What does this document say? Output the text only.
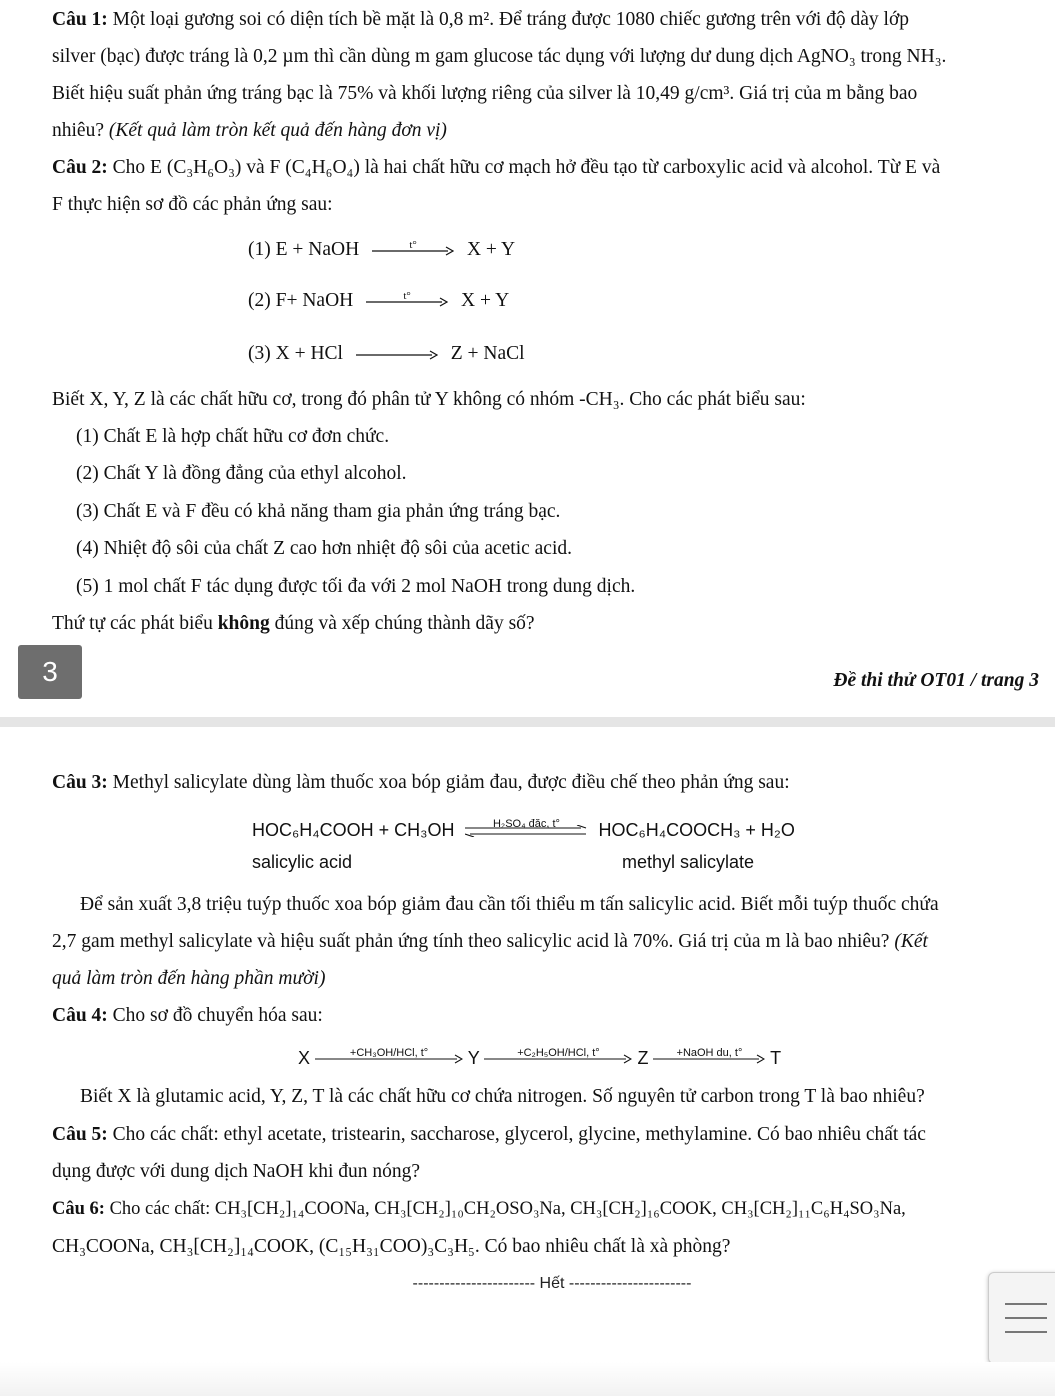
Câu 1: Một loại gương soi có diện tích bề mặt là 0,8 m². Để tráng được 1080 chiếc gương trên với độ dày lớp
silver (bạc) được tráng là 0,2 µm thì cần dùng m gam glucose tác dụng với lượng dư dung dịch AgNO₃ trong NH₃.
Biết hiệu suất phản ứng tráng bạc là 75% và khối lượng riêng của silver là 10,49 g/cm³. Giá trị của m bằng bao
nhiêu? (Kết quả làm tròn kết quả đến hàng đơn vị)
Câu 2: Cho E (C₃H₆O₃) và F (C₄H₆O₄) là hai chất hữu cơ mạch hở đều tạo từ carboxylic acid và alcohol. Từ E và
F thực hiện sơ đồ các phản ứng sau:
(1) E + NaOH	t°	X + Y
(2) F+ NaOH	t°	X + Y
(3) X + HCl	Z + NaCl
Biết X, Y, Z là các chất hữu cơ, trong đó phân tử Y không có nhóm -CH₃. Cho các phát biểu sau:
(1) Chất E là hợp chất hữu cơ đơn chức.
(2) Chất Y là đồng đẳng của ethyl alcohol.
(3) Chất E và F đều có khả năng tham gia phản ứng tráng bạc.
(4) Nhiệt độ sôi của chất Z cao hơn nhiệt độ sôi của acetic acid.
(5) 1 mol chất F tác dụng được tối đa với 2 mol NaOH trong dung dịch.
Thứ tự các phát biểu không đúng và xếp chúng thành dãy số?
3	Đề thi thử OT01 / trang 3
Câu 3: Methyl salicylate dùng làm thuốc xoa bóp giảm đau, được điều chế theo phản ứng sau:
HOC₆H₄COOH + CH₃OH	H₂SO₄ đặc, t°	HOC₆H₄COOCH₃ + H₂O
salicylic acid	methyl salicylate
Để sản xuất 3,8 triệu tuýp thuốc xoa bóp giảm đau cần tối thiểu m tấn salicylic acid. Biết mỗi tuýp thuốc chứa
2,7 gam methyl salicylate và hiệu suất phản ứng tính theo salicylic acid là 70%. Giá trị của m là bao nhiêu? (Kết
quả làm tròn đến hàng phần mười)
Câu 4: Cho sơ đồ chuyển hóa sau:
X	+CH₃OH/HCl, t°	Y	+C₂H₅OH/HCl, t°	Z	+NaOH du, t°	T
Biết X là glutamic acid, Y, Z, T là các chất hữu cơ chứa nitrogen. Số nguyên tử carbon trong T là bao nhiêu?
Câu 5: Cho các chất: ethyl acetate, tristearin, saccharose, glycerol, glycine, methylamine. Có bao nhiêu chất tác
dụng được với dung dịch NaOH khi đun nóng?
Câu 6: Cho các chất: CH₃[CH₂]₁₄COONa, CH₃[CH₂]₁₀CH₂OSO₃Na, CH₃[CH₂]₁₆COOK, CH₃[CH₂]₁₁C₆H₄SO₃Na,
CH₃COONa, CH₃[CH₂]₁₄COOK, (C₁₅H₃₁COO)₃C₃H₅. Có bao nhiêu chất là xà phòng?
----------------------- Hết -----------------------
